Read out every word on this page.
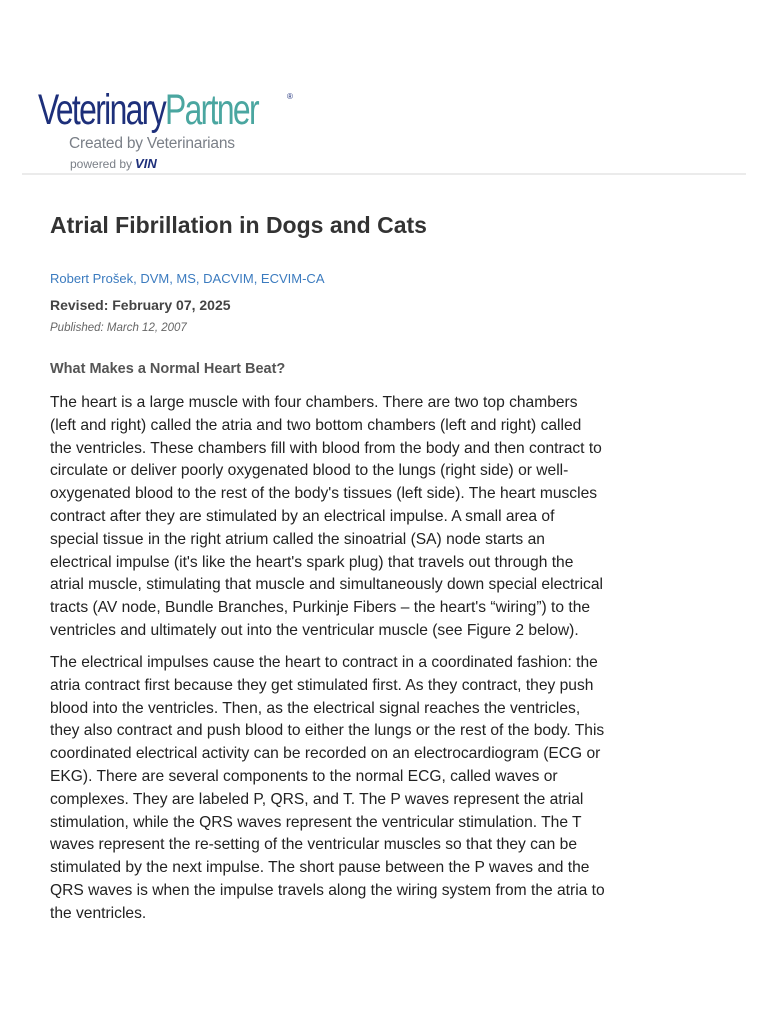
VeterinaryPartner	®
Created by Veterinarians
powered by VIN
Atrial Fibrillation in Dogs and Cats
Robert Prošek, DVM, MS, DACVIM, ECVIM-CA
Revised: February 07, 2025
Published: March 12, 2007
What Makes a Normal Heart Beat?

The heart is a large muscle with four chambers. There are two top chambers
(left and right) called the atria and two bottom chambers (left and right) called
the ventricles. These chambers fill with blood from the body and then contract to
circulate or deliver poorly oxygenated blood to the lungs (right side) or well-
oxygenated blood to the rest of the body's tissues (left side). The heart muscles
contract after they are stimulated by an electrical impulse. A small area of
special tissue in the right atrium called the sinoatrial (SA) node starts an
electrical impulse (it's like the heart's spark plug) that travels out through the
atrial muscle, stimulating that muscle and simultaneously down special electrical
tracts (AV node, Bundle Branches, Purkinje Fibers – the heart's “wiring”) to the
ventricles and ultimately out into the ventricular muscle (see Figure 2 below).

The electrical impulses cause the heart to contract in a coordinated fashion: the
atria contract first because they get stimulated first. As they contract, they push
blood into the ventricles. Then, as the electrical signal reaches the ventricles,
they also contract and push blood to either the lungs or the rest of the body. This
coordinated electrical activity can be recorded on an electrocardiogram (ECG or
EKG). There are several components to the normal ECG, called waves or
complexes. They are labeled P, QRS, and T. The P waves represent the atrial
stimulation, while the QRS waves represent the ventricular stimulation. The T
waves represent the re-setting of the ventricular muscles so that they can be
stimulated by the next impulse. The short pause between the P waves and the
QRS waves is when the impulse travels along the wiring system from the atria to
the ventricles.
